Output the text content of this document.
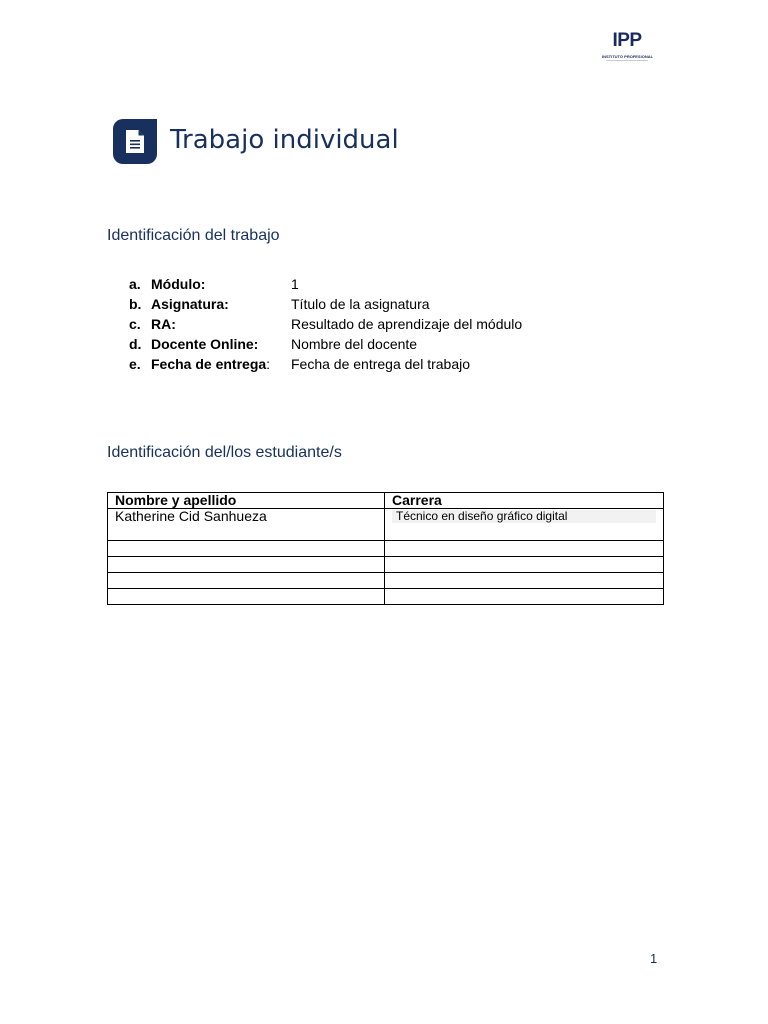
IPP
INSTITUTO PROFESIONAL
Trabajo individual
Identificación del trabajo
a. Módulo:	1
b. Asignatura:	Título de la asignatura
c. RA:	Resultado de aprendizaje del módulo
d. Docente Online: Nombre del docente
e. Fecha de entrega: Fecha de entrega del trabajo
Identificación del/los estudiante/s
Nombre y apellido	Carrera
Katherine Cid Sanhueza	Técnico en diseño gráfico digital

1
